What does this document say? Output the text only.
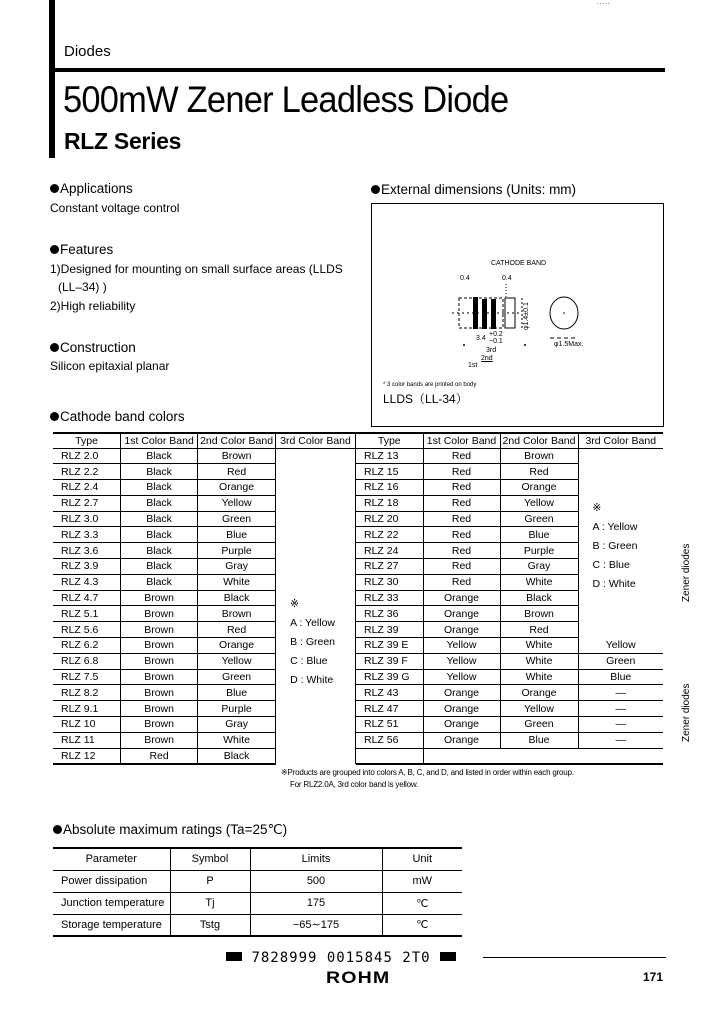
.....
Diodes
500mW Zener Leadless Diode
RLZ Series
Applications
Constant voltage control
Features
1)Designed for mounting on small surface areas (LLDS
(LL–34) )
2)High reliability
Construction
Silicon epitaxial planar
External dimensions (Units: mm)
CATHODE BAND
0.4	0.4
φ1.4±0.1
3.4
+0.2
−0.1	φ1.5Max.
3rd
2nd
1st
* 3 color bands are printed on body
LLDS（LL-34）
Cathode band colors
Type	1st Color Band	2nd Color Band	3rd Color Band
RLZ 2.0	Black	Brown	※
A : Yellow
B : Green
C : Blue
D : White

RLZ 2.2	Black	Red	
RLZ 2.4	Black	Orange	
RLZ 2.7	Black	Yellow	
RLZ 3.0	Black	Green	
RLZ 3.3	Black	Blue	
RLZ 3.6	Black	Purple	
RLZ 3.9	Black	Gray	
RLZ 4.3	Black	White	
RLZ 4.7	Brown	Black	
RLZ 5.1	Brown	Brown	
RLZ 5.6	Brown	Red	
RLZ 6.2	Brown	Orange	
RLZ 6.8	Brown	Yellow	
RLZ 7.5	Brown	Green	
RLZ 8.2	Brown	Blue	
RLZ 9.1	Brown	Purple	
RLZ 10	Brown	Gray	
RLZ 11	Brown	White	
RLZ 12	Red	Black	
Type	1st Color Band	2nd Color Band	3rd Color Band
RLZ 13	Red	Brown	※
A : Yellow
B : Green
C : Blue
D : White

RLZ 15	Red	Red	
RLZ 16	Red	Orange	
RLZ 18	Red	Yellow	
RLZ 20	Red	Green	
RLZ 22	Red	Blue	
RLZ 24	Red	Purple	
RLZ 27	Red	Gray	
RLZ 30	Red	White	
RLZ 33	Orange	Black	
RLZ 36	Orange	Brown	
RLZ 39	Orange	Red	
RLZ 39 E	Yellow	White	Yellow
RLZ 39 F	Yellow	White	Green
RLZ 39 G	Yellow	White	Blue
RLZ 43	Orange	Orange	—
RLZ 47	Orange	Yellow	—
RLZ 51	Orange	Green	—
RLZ 56	Orange	Blue	—

※Products are grouped into colors A, B, C, and D, and listed in order within each group.
For RLZ2.0A, 3rd color band is yellow.
Absolute maximum ratings (Ta=25℃)
Parameter	Symbol	Limits	Unit
Power dissipation	P	500	mW
Junction temperature	Tj	175	℃
Storage temperature	Tstg	−65∼175	℃
7828999 0015845 2T0
ROHM	171
Zener diodes
Zener diodes
